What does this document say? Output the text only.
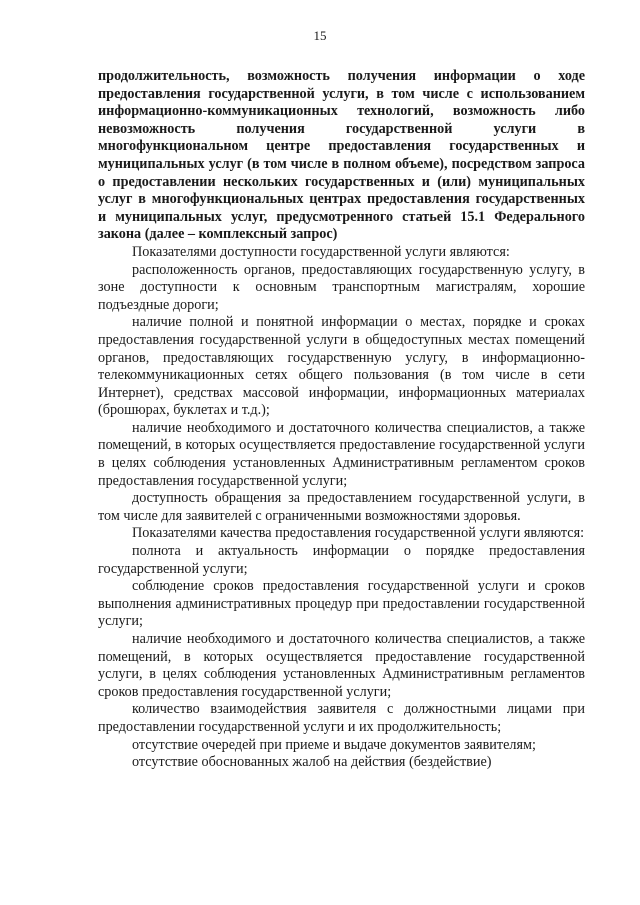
15

продолжительность, возможность получения информации о ходе предоставления государственной услуги, в том числе с использованием информационно-коммуникационных технологий, возможность либо невозможность получения государственной услуги в многофункциональном центре предоставления государственных и муниципальных услуг (в том числе в полном объеме), посредством запроса о предоставлении нескольких государственных и (или) муниципальных услуг в многофункциональных центрах предоставления государственных и муниципальных услуг, предусмотренного статьей 15.1 Федерального закона (далее – комплексный запрос)

Показателями доступности государственной услуги являются:

расположенность органов, предоставляющих государственную услугу, в зоне доступности к основным транспортным магистралям, хорошие подъездные дороги;

наличие полной и понятной информации о местах, порядке и сроках предоставления государственной услуги в общедоступных местах помещений органов, предоставляющих государственную услугу, в информационно-телекоммуникационных сетях общего пользования (в том числе в сети Интернет), средствах массовой информации, информационных материалах (брошюрах, буклетах и т.д.);

наличие необходимого и достаточного количества специалистов, а также помещений, в которых осуществляется предоставление государственной услуги в целях соблюдения установленных Административным регламентом сроков предоставления государственной услуги;

доступность обращения за предоставлением государственной услуги, в том числе для заявителей с ограниченными возможностями здоровья.

Показателями качества предоставления государственной услуги являются:

полнота и актуальность информации о порядке предоставления государственной услуги;

соблюдение сроков предоставления государственной услуги и сроков выполнения административных процедур при предоставлении государственной услуги;

наличие необходимого и достаточного количества специалистов, а также помещений, в которых осуществляется предоставление государственной услуги, в целях соблюдения установленных Административным регламентов сроков предоставления государственной услуги;

количество взаимодействия заявителя с должностными лицами при предоставлении государственной услуги и их продолжительность;

отсутствие очередей при приеме и выдаче документов заявителям;

отсутствие обоснованных жалоб на действия (бездействие)
